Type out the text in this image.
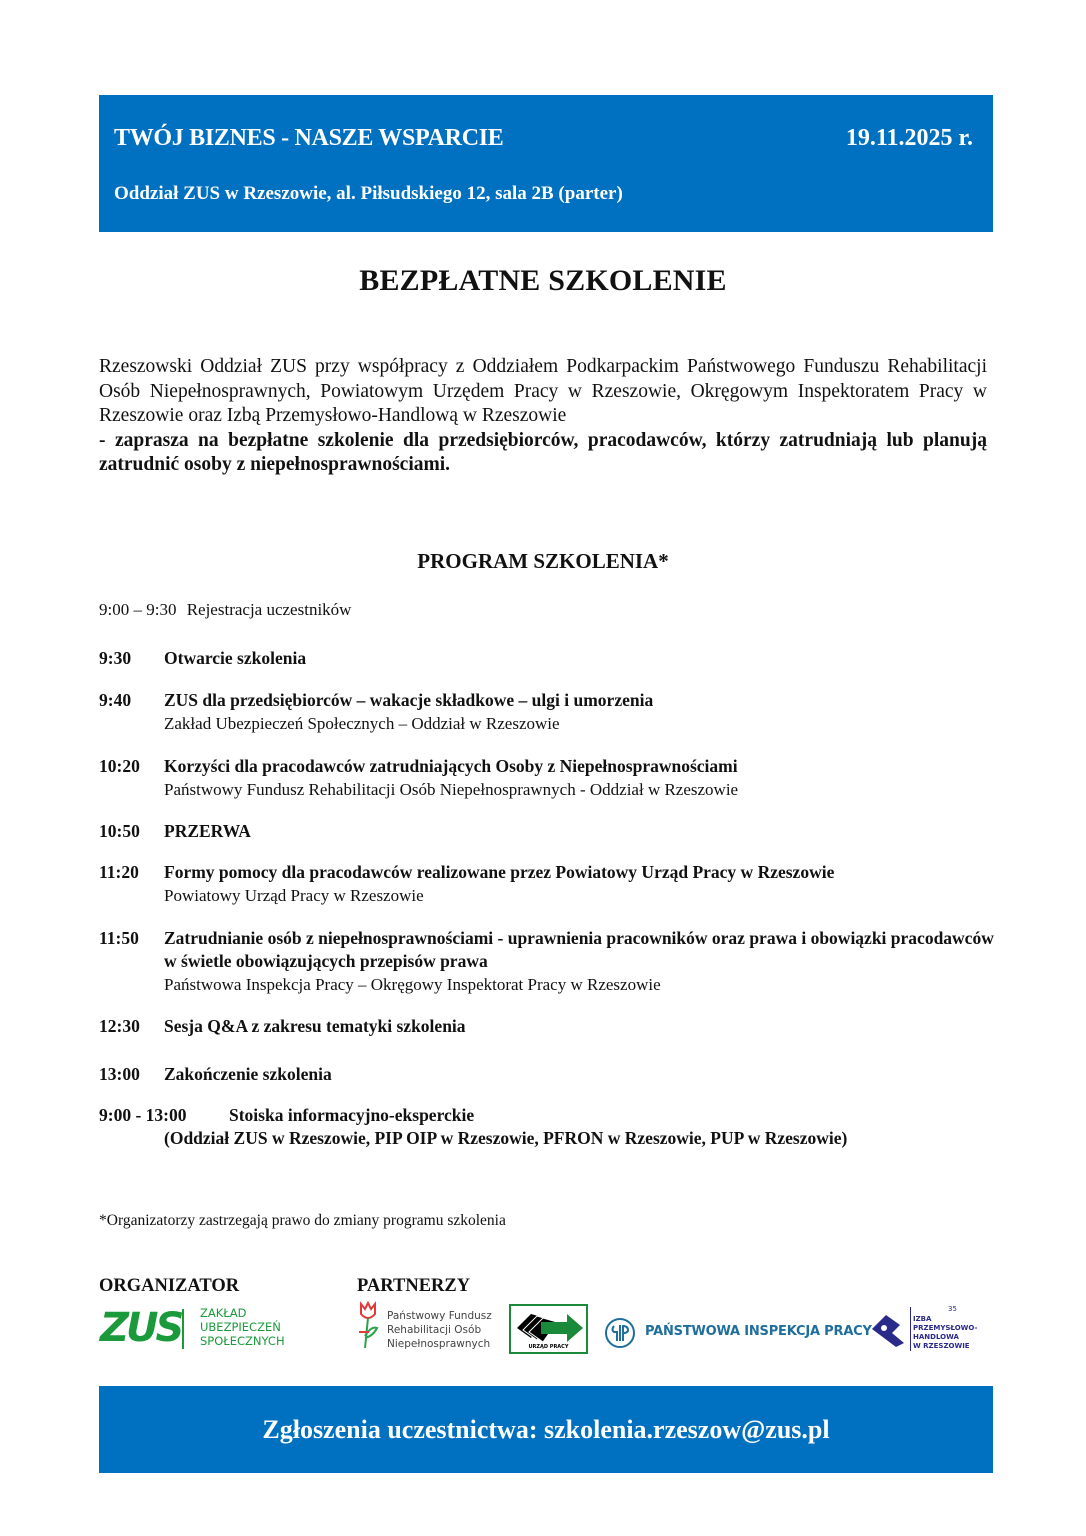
TWÓJ BIZNES - NASZE WSPARCIE	19.11.2025 r.
Oddział ZUS w Rzeszowie, al. Piłsudskiego 12, sala 2B (parter)
BEZPŁATNE SZKOLENIE

Rzeszowski Oddział ZUS przy współpracy z Oddziałem Podkarpackim Państwowego Funduszu Rehabilitacji Osób Niepełnosprawnych, Powiatowym Urzędem Pracy w Rzeszowie, Okręgowym Inspektoratem Pracy w Rzeszowie oraz Izbą Przemysłowo-Handlową w Rzeszowie

- zaprasza na bezpłatne szkolenie dla przedsiębiorców, pracodawców, którzy zatrudniają lub planują zatrudnić osoby z niepełnosprawnościami.
PROGRAM SZKOLENIA*
9:00 – 9:30 Rejestracja uczestników
9:30 Otwarcie szkolenia
9:40 ZUS dla przedsiębiorców – wakacje składkowe – ulgi i umorzenia
Zakład Ubezpieczeń Społecznych – Oddział w Rzeszowie
10:20 Korzyści dla pracodawców zatrudniających Osoby z Niepełnosprawnościami
Państwowy Fundusz Rehabilitacji Osób Niepełnosprawnych - Oddział w Rzeszowie
10:50 PRZERWA
11:20 Formy pomocy dla pracodawców realizowane przez Powiatowy Urząd Pracy w Rzeszowie
Powiatowy Urząd Pracy w Rzeszowie
11:50 Zatrudnianie osób z niepełnosprawnościami - uprawnienia pracowników oraz prawa i obowiązki pracodawców w świetle obowiązujących przepisów prawa
Państwowa Inspekcja Pracy – Okręgowy Inspektorat Pracy w Rzeszowie
12:30 Sesja Q&A z zakresu tematyki szkolenia
13:00 Zakończenie szkolenia
9:00 - 13:00	Stoiska informacyjno-eksperckie
(Oddział ZUS w Rzeszowie, PIP OIP w Rzeszowie, PFRON w Rzeszowie, PUP w Rzeszowie)
*Organizatorzy zastrzegają prawo do zmiany programu szkolenia
ORGANIZATOR	PARTNERZY
ZUS ZAKŁAD
UBEZPIECZEŃ
SPOŁECZNYCH
Państwowy Fundusz
Rehabilitacji Osób
Niepełnosprawnych	URZĄD PRACY
PAŃSTWOWA INSPEKCJA PRACY
35
IZBA
PRZEMYSŁOWO-
HANDLOWA
W RZESZOWIE
Zgłoszenia uczestnictwa: szkolenia.rzeszow@zus.pl
